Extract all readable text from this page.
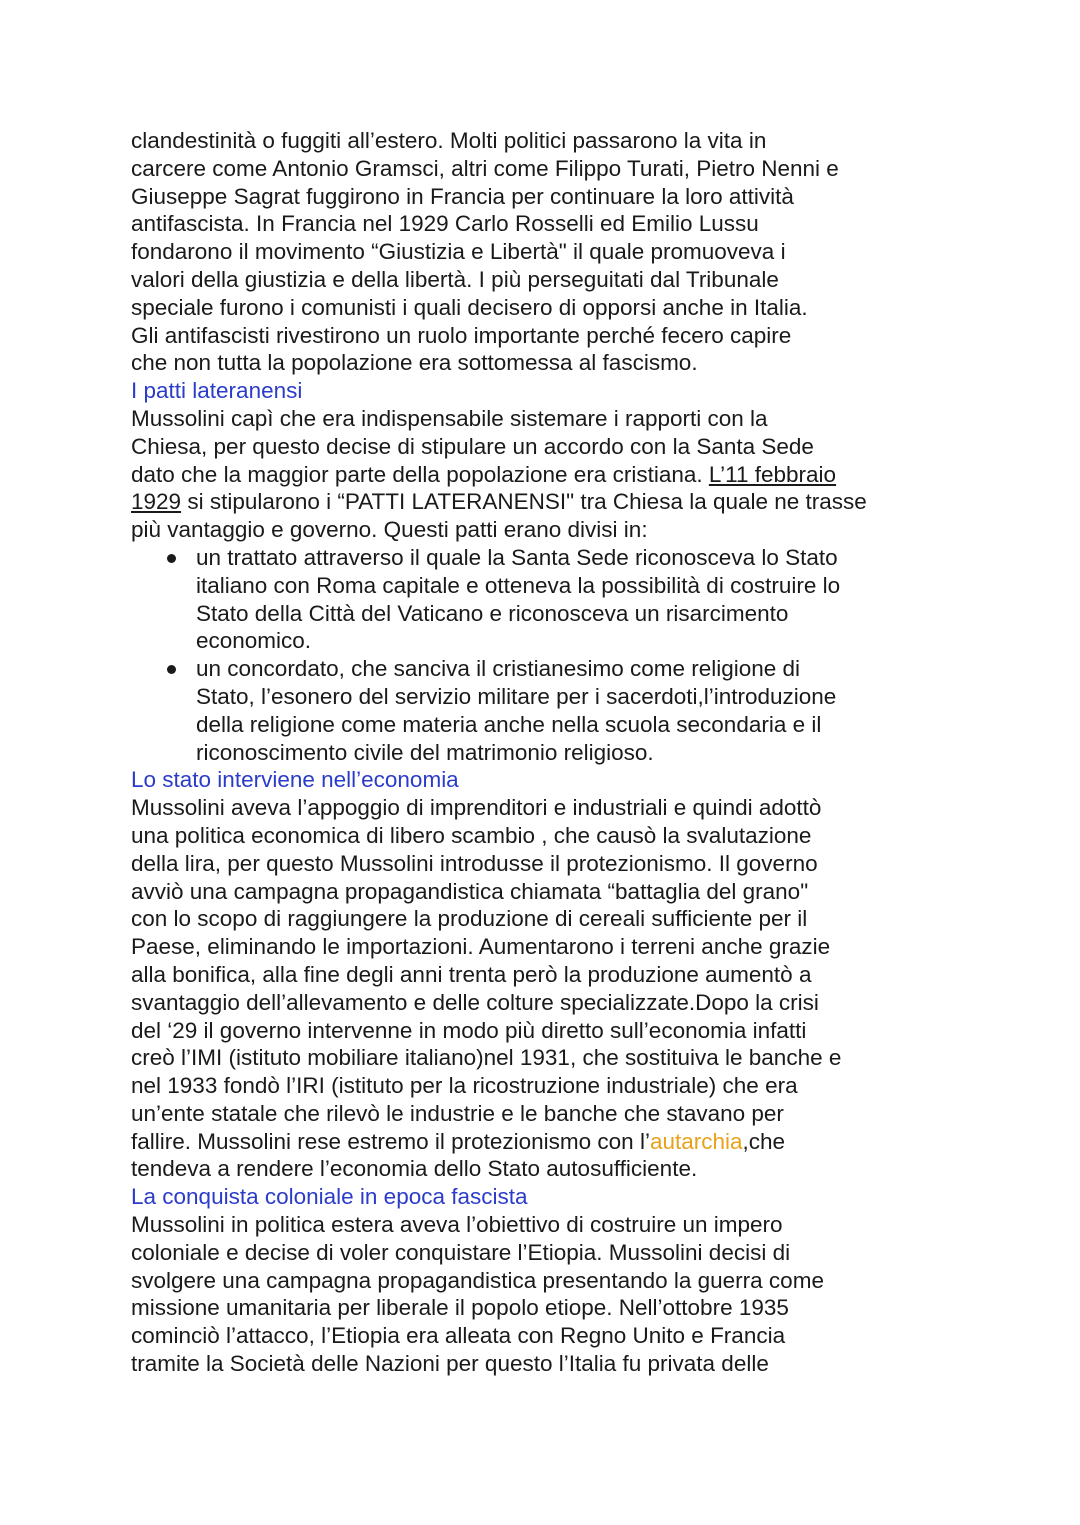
clandestinità o fuggiti all’estero. Molti politici passarono la vita in
carcere come Antonio Gramsci, altri come Filippo Turati, Pietro Nenni e
Giuseppe Sagrat fuggirono in Francia per continuare la loro attività
antifascista. In Francia nel 1929 Carlo Rosselli ed Emilio Lussu
fondarono il movimento “Giustizia e Libertà" il quale promuoveva i
valori della giustizia e della libertà. I più perseguitati dal Tribunale
speciale furono i comunisti i quali decisero di opporsi anche in Italia.
Gli antifascisti rivestirono un ruolo importante perché fecero capire
che non tutta la popolazione era sottomessa al fascismo.
I patti lateranensi
Mussolini capì che era indispensabile sistemare i rapporti con la
Chiesa, per questo decise di stipulare un accordo con la Santa Sede
dato che la maggior parte della popolazione era cristiana. L’11 febbraio
1929 si stipularono i “PATTI LATERANENSI" tra Chiesa la quale ne trasse
più vantaggio e governo. Questi patti erano divisi in:
un trattato attraverso il quale la Santa Sede riconosceva lo Stato
italiano con Roma capitale e otteneva la possibilità di costruire lo
Stato della Città del Vaticano e riconosceva un risarcimento
economico.
un concordato, che sanciva il cristianesimo come religione di
Stato, l’esonero del servizio militare per i sacerdoti,l’introduzione
della religione come materia anche nella scuola secondaria e il
riconoscimento civile del matrimonio religioso.
Lo stato interviene nell’economia
Mussolini aveva l’appoggio di imprenditori e industriali e quindi adottò
una politica economica di libero scambio , che causò la svalutazione
della lira, per questo Mussolini introdusse il protezionismo. Il governo
avviò una campagna propagandistica chiamata “battaglia del grano"
con lo scopo di raggiungere la produzione di cereali sufficiente per il
Paese, eliminando le importazioni. Aumentarono i terreni anche grazie
alla bonifica, alla fine degli anni trenta però la produzione aumentò a
svantaggio dell’allevamento e delle colture specializzate.Dopo la crisi
del ‘29 il governo intervenne in modo più diretto sull’economia infatti
creò l’IMI (istituto mobiliare italiano)nel 1931, che sostituiva le banche e
nel 1933 fondò l’IRI (istituto per la ricostruzione industriale) che era
un’ente statale che rilevò le industrie e le banche che stavano per
fallire. Mussolini rese estremo il protezionismo con l’autarchia,che
tendeva a rendere l’economia dello Stato autosufficiente.
La conquista coloniale in epoca fascista
Mussolini in politica estera aveva l’obiettivo di costruire un impero
coloniale e decise di voler conquistare l’Etiopia. Mussolini decisi di
svolgere una campagna propagandistica presentando la guerra come
missione umanitaria per liberale il popolo etiope. Nell’ottobre 1935
cominciò l’attacco, l’Etiopia era alleata con Regno Unito e Francia
tramite la Società delle Nazioni per questo l’Italia fu privata delle
